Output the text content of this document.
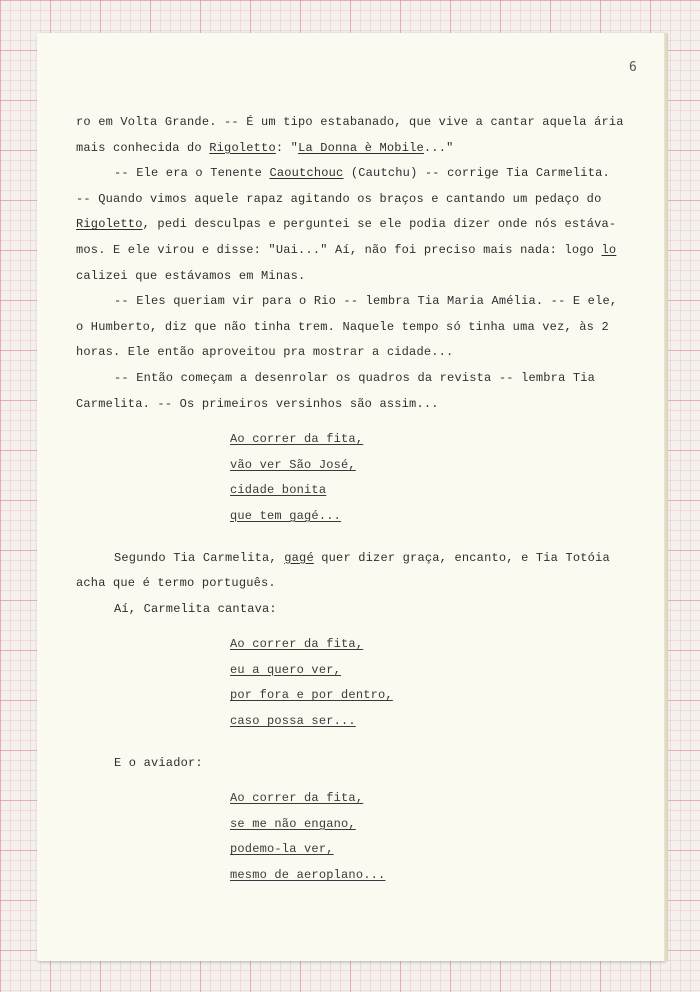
6
ro em Volta Grande. -- É um tipo estabanado, que vive a cantar aquela ária
mais conhecida do Rigoletto: "La Donna è Mobile..."
-- Ele era o Tenente Caoutchouc (Cautchu) -- corrige Tia Carmelita.
-- Quando vimos aquele rapaz agitando os braços e cantando um pedaço do
Rigoletto, pedi desculpas e perguntei se ele podia dizer onde nós estáva-
mos. E ele virou e disse: "Uai..." Aí, não foi preciso mais nada: logo lo
calizei que estávamos em Minas.
-- Eles queriam vir para o Rio -- lembra Tia Maria Amélia. -- E ele,
o Humberto, diz que não tinha trem. Naquele tempo só tinha uma vez, às 2
horas. Ele então aproveitou pra mostrar a cidade...
-- Então começam a desenrolar os quadros da revista -- lembra Tia
Carmelita. -- Os primeiros versinhos são assim...
Ao correr da fita,
vão ver São José,
cidade bonita
que tem gagé...
Segundo Tia Carmelita, gagé quer dizer graça, encanto, e Tia Totóia
acha que é termo português.
Aí, Carmelita cantava:
Ao correr da fita,
eu a quero ver,
por fora e por dentro,
caso possa ser...
E o aviador:
Ao correr da fita,
se me não engano,
podemo-la ver,
mesmo de aeroplano...
